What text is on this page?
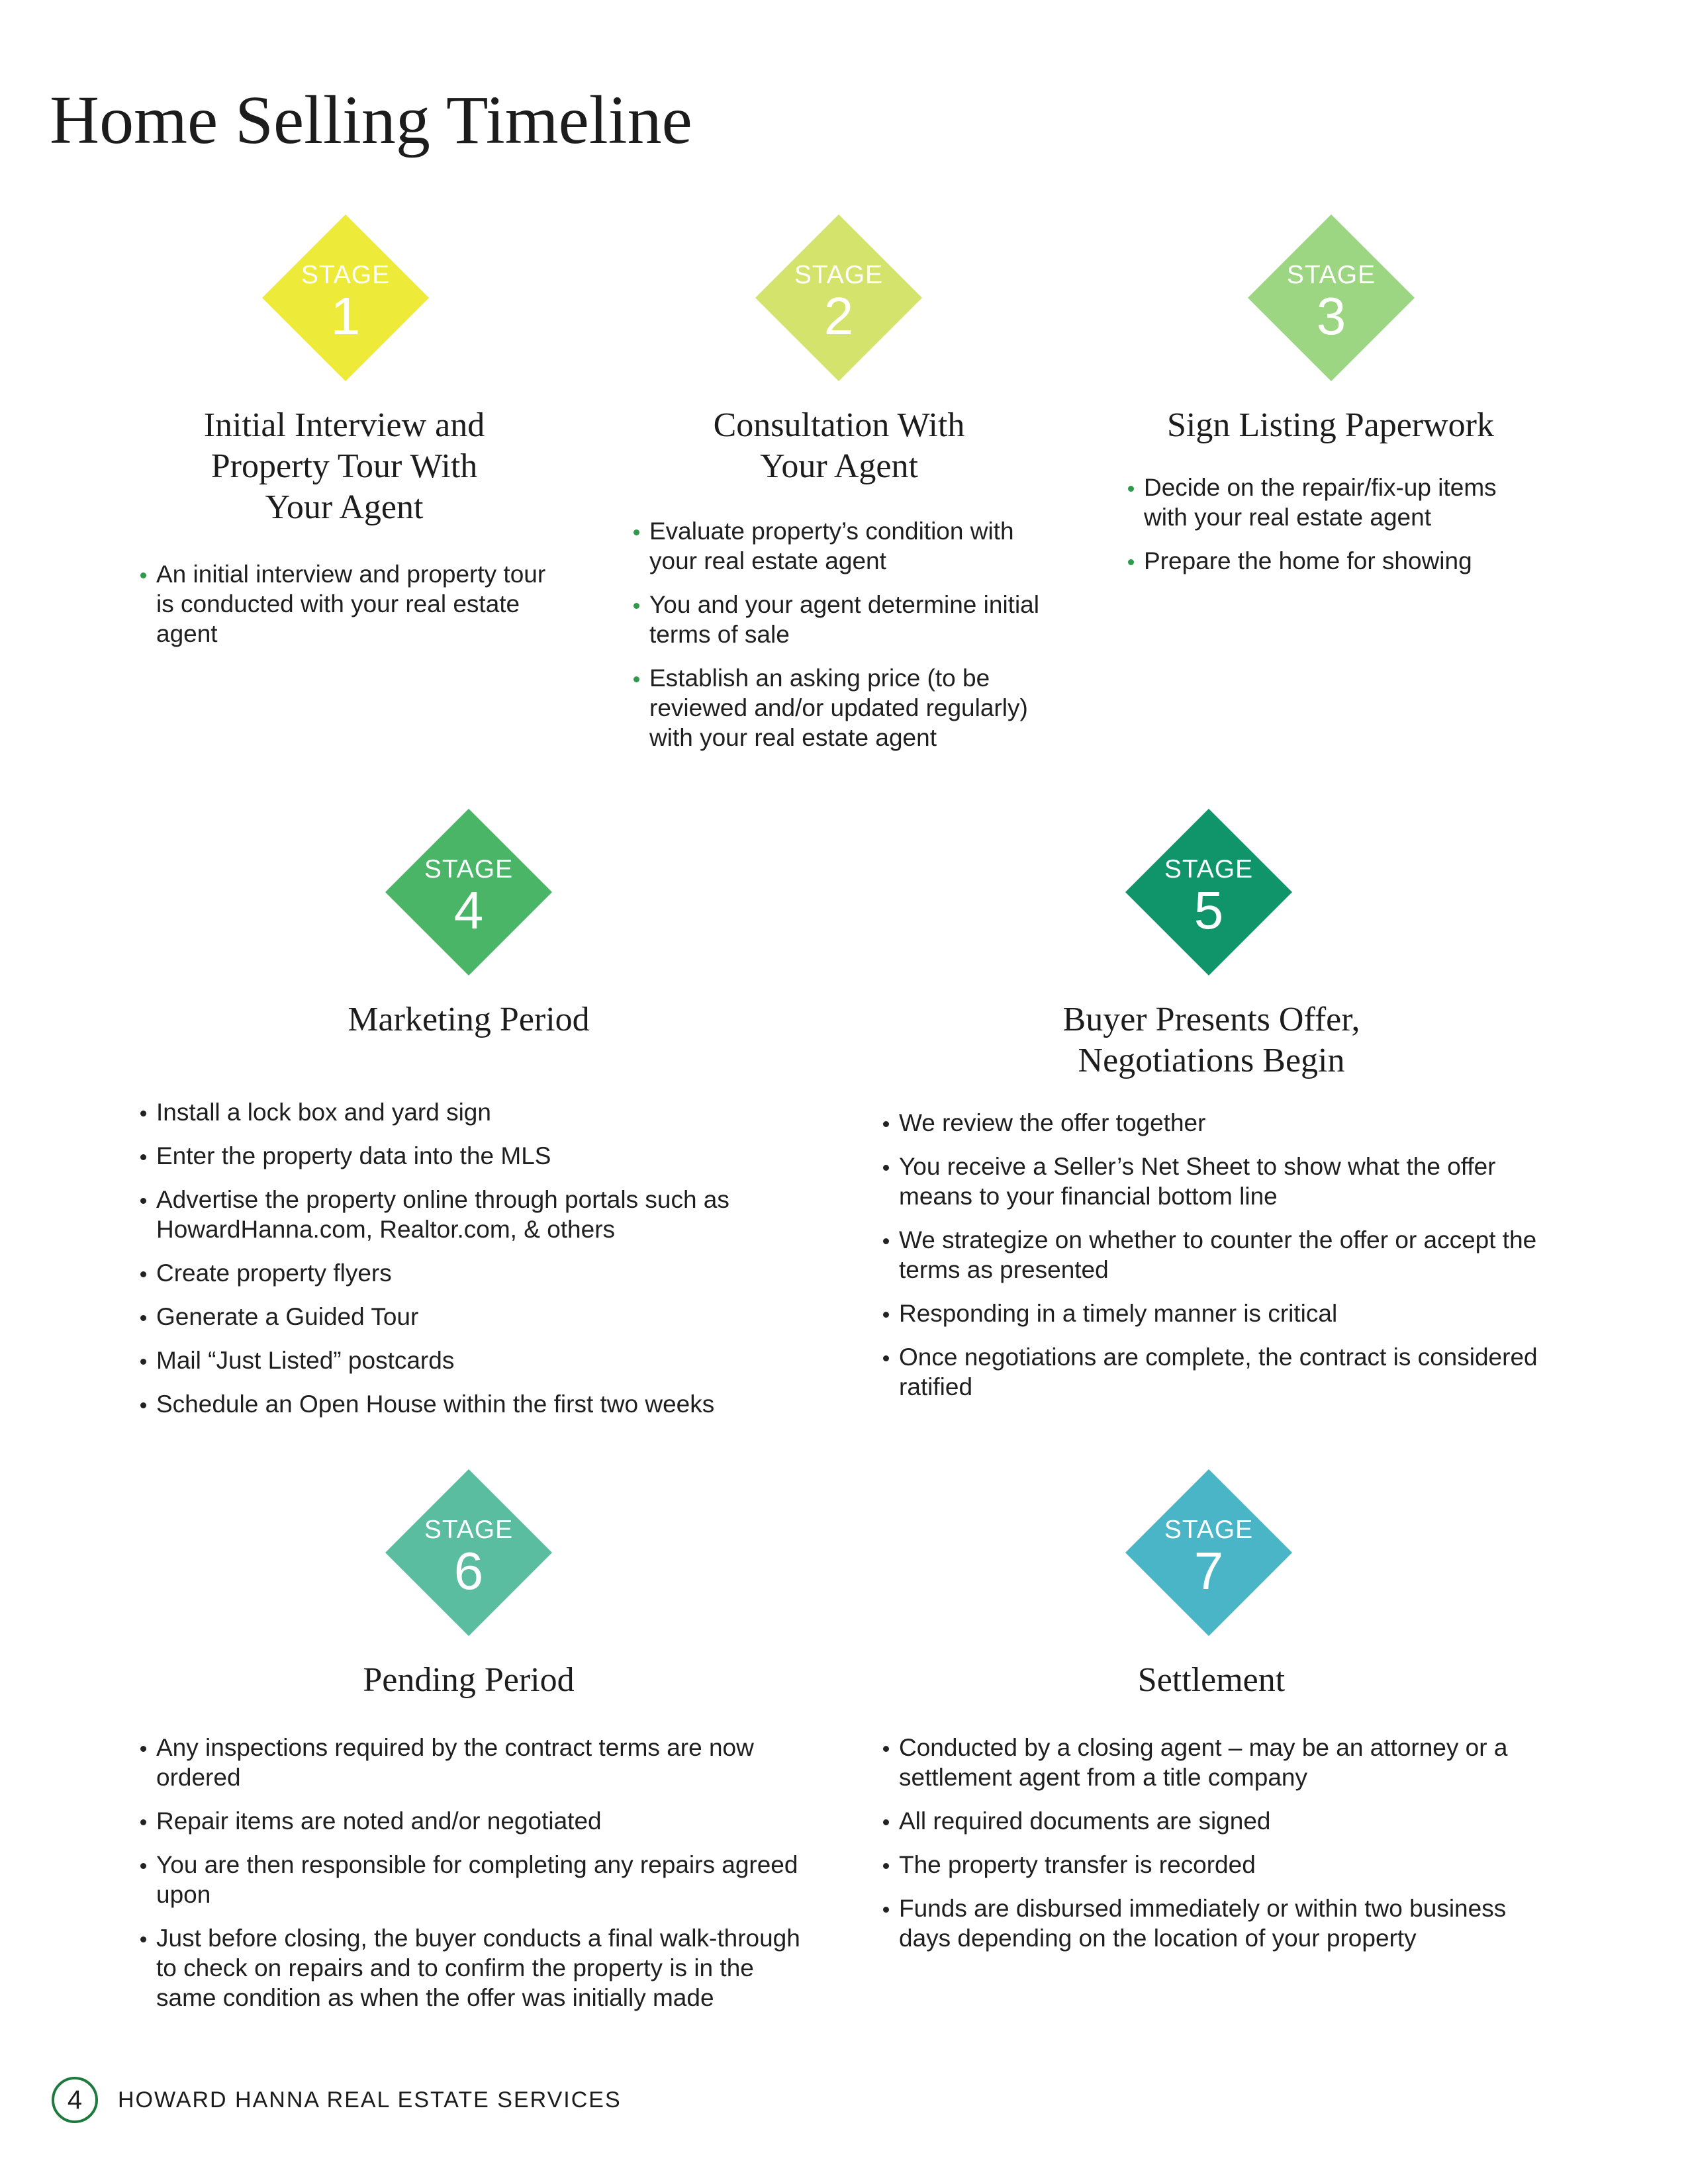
Home Selling Timeline
STAGE
1
Initial Interview and Property Tour With Your Agent
An initial interview and property tour is conducted with your real estate agent
STAGE
2
Consultation With Your Agent
Evaluate property’s condition with your real estate agent
You and your agent determine initial terms of sale
Establish an asking price (to be reviewed and/or updated regularly) with your real estate agent
STAGE
3
Sign Listing Paperwork
Decide on the repair/fix-up items with your real estate agent
Prepare the home for showing
STAGE
4
Marketing Period
Install a lock box and yard sign
Enter the property data into the MLS
Advertise the property online through portals such as HowardHanna.com, Realtor.com, & others
Create property flyers
Generate a Guided Tour
Mail “Just Listed” postcards
Schedule an Open House within the first two weeks
STAGE
5
Buyer Presents Offer, Negotiations Begin
We review the offer together
You receive a Seller’s Net Sheet to show what the offer means to your financial bottom line
We strategize on whether to counter the offer or accept the terms as presented
Responding in a timely manner is critical
Once negotiations are complete, the contract is considered ratified
STAGE
6
Pending Period
Any inspections required by the contract terms are now ordered
Repair items are noted and/or negotiated
You are then responsible for completing any repairs agreed upon
Just before closing, the buyer conducts a final walk-through to check on repairs and to confirm the property is in the same condition as when the offer was initially made
STAGE
7
Settlement
Conducted by a closing agent – may be an attorney or a settlement agent from a title company
All required documents are signed
The property transfer is recorded
Funds are disbursed immediately or within two business days depending on the location of your property
4	HOWARD HANNA REAL ESTATE SERVICES
